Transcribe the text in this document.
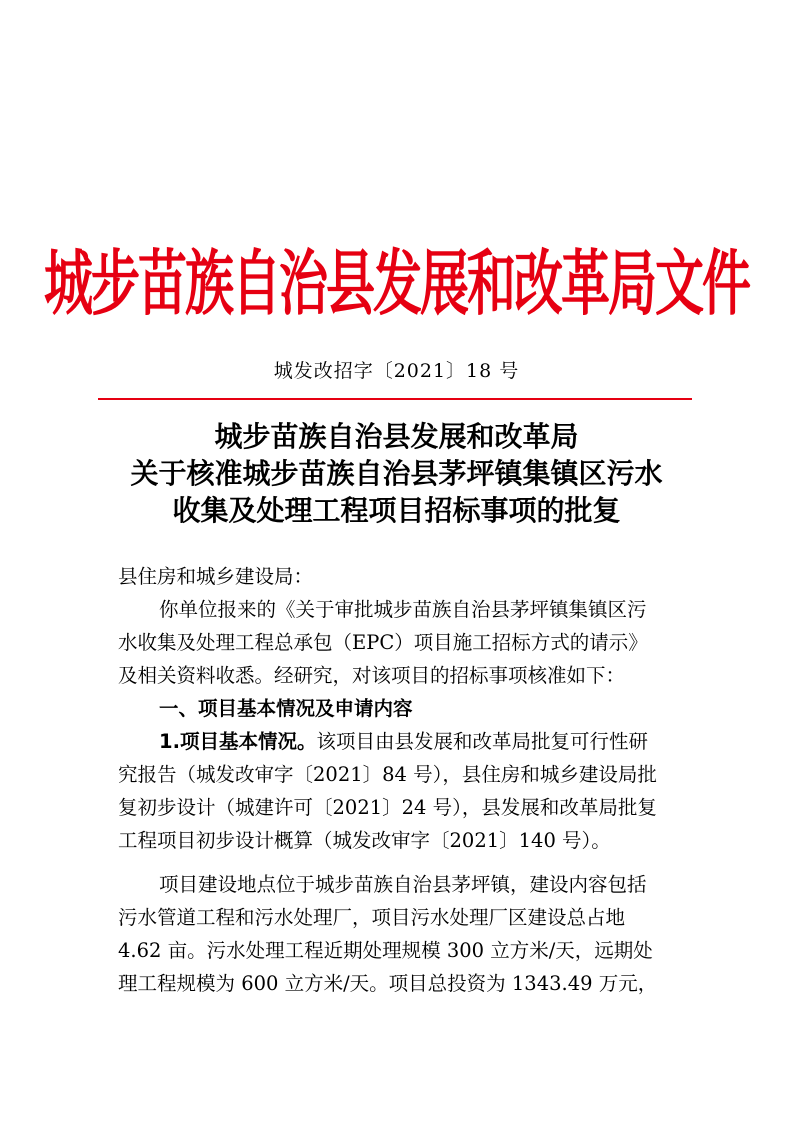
城步苗族自治县发展和改革局文件
城发改招字〔2021〕18 号
城步苗族自治县发展和改革局
关于核准城步苗族自治县茅坪镇集镇区污水
收集及处理工程项目招标事项的批复

县住房和城乡建设局：

你单位报来的《关于审批城步苗族自治县茅坪镇集镇区污

水收集及处理工程总承包（EPC）项目施工招标方式的请示》

及相关资料收悉。经研究，对该项目的招标事项核准如下：

一、项目基本情况及申请内容

1.项目基本情况。该项目由县发展和改革局批复可行性研

究报告（城发改审字〔2021〕84 号），县住房和城乡建设局批

复初步设计（城建许可〔2021〕24 号），县发展和改革局批复

工程项目初步设计概算（城发改审字〔2021〕140 号）。

项目建设地点位于城步苗族自治县茅坪镇，建设内容包括

污水管道工程和污水处理厂，项目污水处理厂区建设总占地

4.62 亩。污水处理工程近期处理规模 300 立方米/天，远期处

理工程规模为 600 立方米/天。项目总投资为 1343.49 万元，
